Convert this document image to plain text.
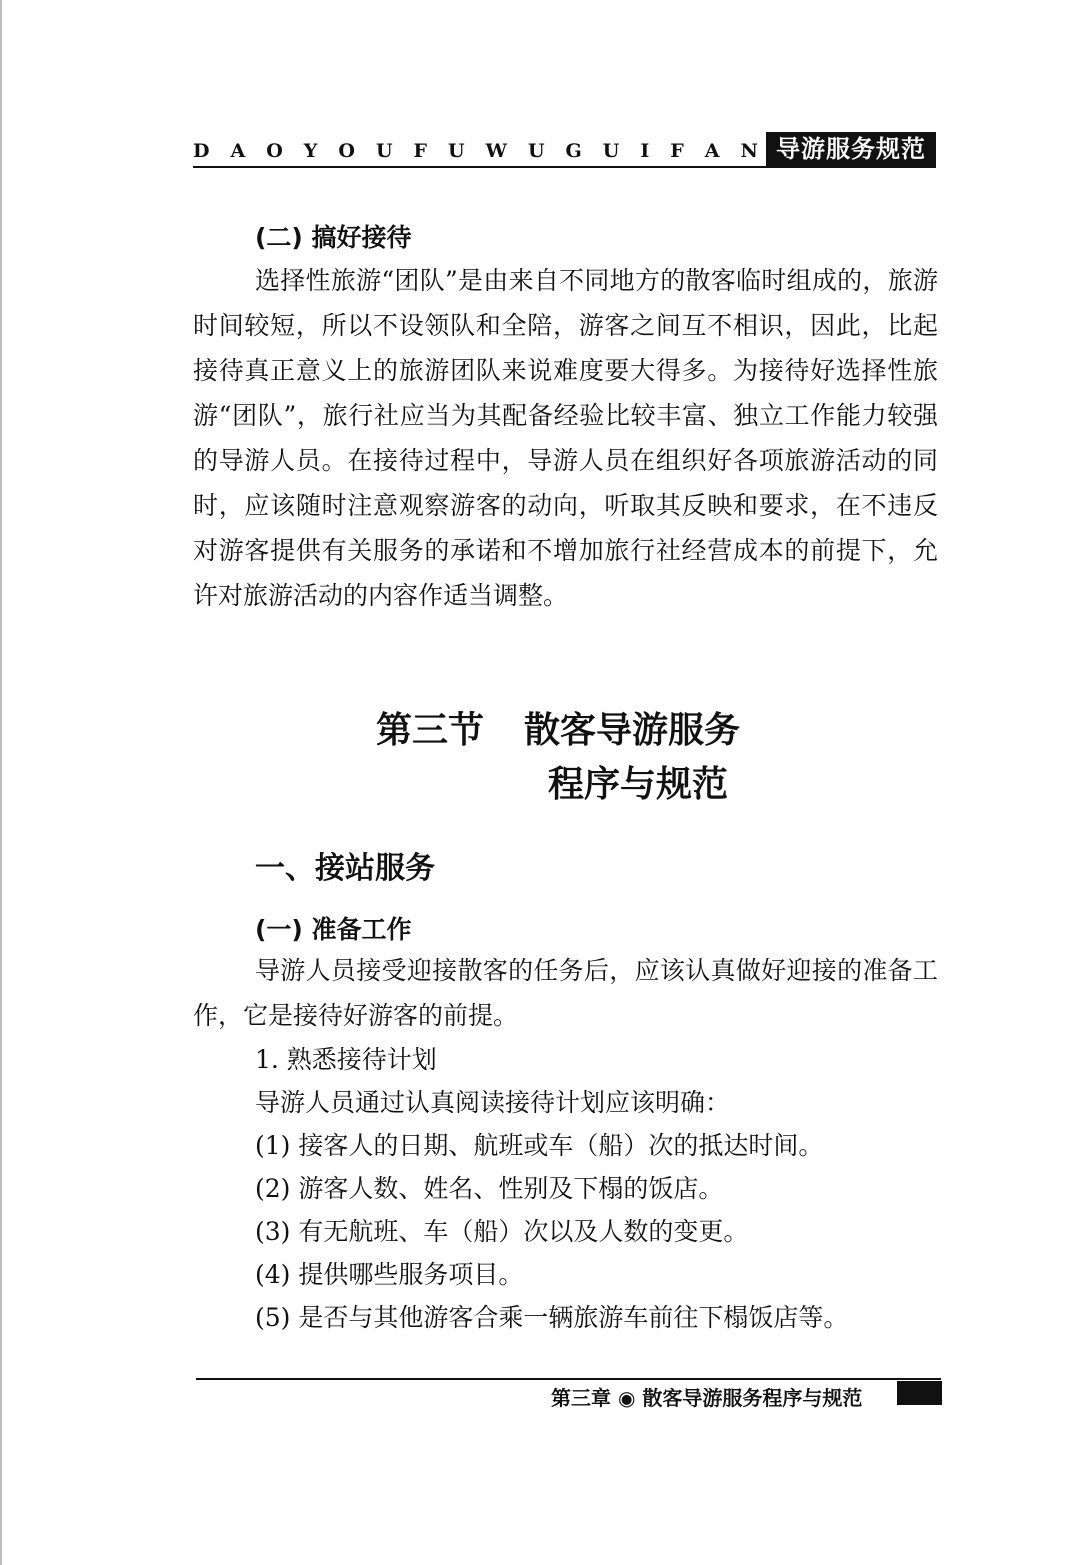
D A O Y O U F U W U G U I F A N 导游服务规范
(二) 搞好接待

选择性旅游“团队”是由来自不同地方的散客临时组成的，旅游时间较短，所以不设领队和全陪，游客之间互不相识，因此，比起接待真正意义上的旅游团队来说难度要大得多。为接待好选择性旅游“团队”，旅行社应当为其配备经验比较丰富、独立工作能力较强的导游人员。在接待过程中，导游人员在组织好各项旅游活动的同时，应该随时注意观察游客的动向，听取其反映和要求，在不违反对游客提供有关服务的承诺和不增加旅行社经营成本的前提下，允许对旅游活动的内容作适当调整。

第三节 散客导游服务
程序与规范
一、接站服务
(一) 准备工作

导游人员接受迎接散客的任务后，应该认真做好迎接的准备工作，它是接待好游客的前提。

1. 熟悉接待计划
导游人员通过认真阅读接待计划应该明确：
(1) 接客人的日期、航班或车（船）次的抵达时间。
(2) 游客人数、姓名、性别及下榻的饭店。
(3) 有无航班、车（船）次以及人数的变更。
(4) 提供哪些服务项目。
(5) 是否与其他游客合乘一辆旅游车前往下榻饭店等。
第三章 ◉ 散客导游服务程序与规范 ·
